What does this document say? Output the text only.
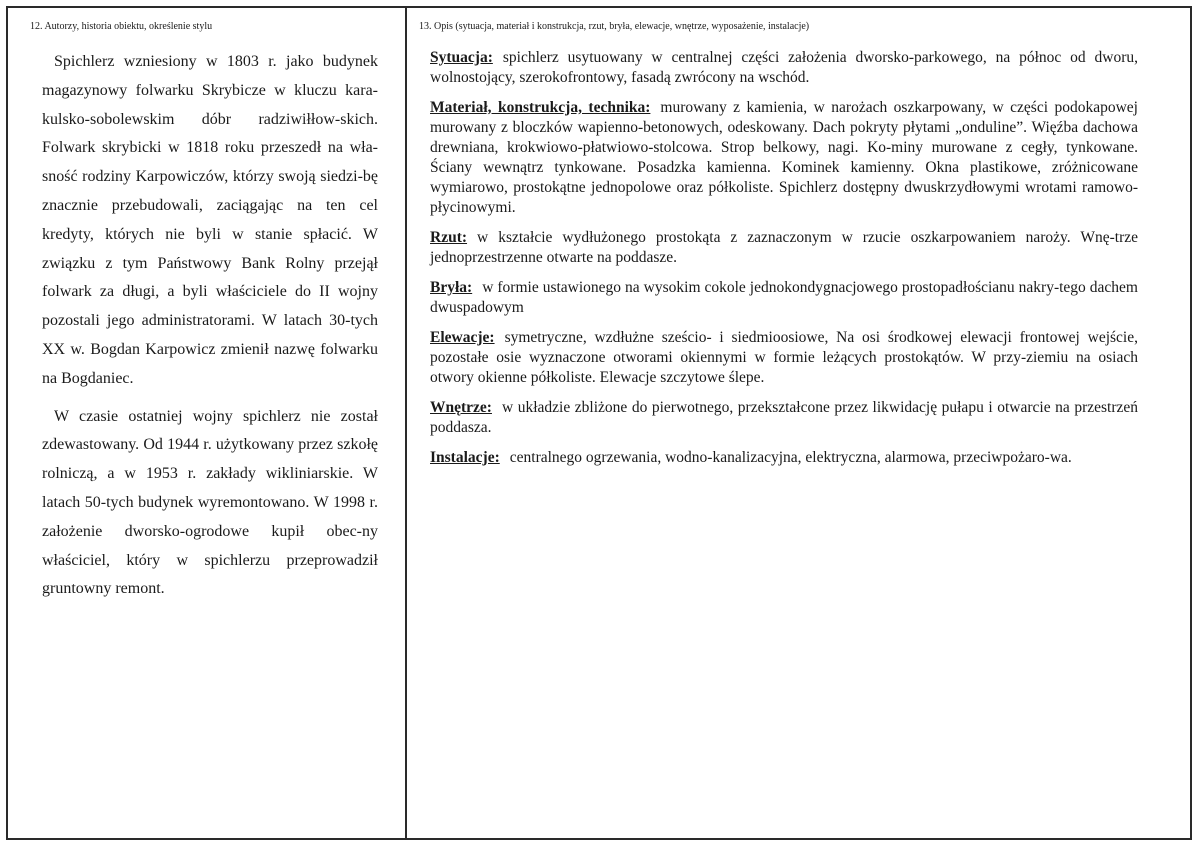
12. Autorzy, historia obiektu, określenie stylu	13. Opis (sytuacja, materiał i konstrukcja, rzut, bryła, elewacje, wnętrze, wyposażenie, instalacje)

Spichlerz wzniesiony w 1803 r. jako budynek magazynowy folwarku Skrybicze w kluczu kara-kulsko-sobolewskim dóbr radziwiłłow-skich. Folwark skrybicki w 1818 roku przeszedł na wła-sność rodziny Karpowiczów, którzy swoją siedzi-bę znacznie przebudowali, zaciągając na ten cel kredyty, których nie byli w stanie spłacić. W związku z tym Państwowy Bank Rolny przejął folwark za długi, a byli właściciele do II wojny pozostali jego administratorami. W latach 30-tych XX w. Bogdan Karpowicz zmienił nazwę folwarku na Bogdaniec.

W czasie ostatniej wojny spichlerz nie został zdewastowany. Od 1944 r. użytkowany przez szkołę rolniczą, a w 1953 r. zakłady wikliniarskie. W latach 50-tych budynek wyremontowano. W 1998 r. założenie dworsko-ogrodowe kupił obec-ny właściciel, który w spichlerzu przeprowadził gruntowny remont.

Sytuacja: spichlerz usytuowany w centralnej części założenia dworsko-parkowego, na północ od dworu, wolnostojący, szerokofrontowy, fasadą zwrócony na wschód.
Materiał, konstrukcja, technika: murowany z kamienia, w narożach oszkarpowany, w części podokapowej murowany z bloczków wapienno-betonowych, odeskowany. Dach pokryty płytami „onduline”. Więźba dachowa drewniana, krokwiowo-płatwiowo-stolcowa. Strop belkowy, nagi. Ko-miny murowane z cegły, tynkowane. Ściany wewnątrz tynkowane. Posadzka kamienna. Kominek kamienny. Okna plastikowe, zróżnicowane wymiarowo, prostokątne jednopolowe oraz półkoliste. Spichlerz dostępny dwuskrzydłowymi wrotami ramowo-płycinowymi.
Rzut: w kształcie wydłużonego prostokąta z zaznaczonym w rzucie oszkarpowaniem naroży. Wnę-trze jednoprzestrzenne otwarte na poddasze.
Bryła: w formie ustawionego na wysokim cokole jednokondygnacjowego prostopadłościanu nakry-tego dachem dwuspadowym
Elewacje: symetryczne, wzdłużne sześcio- i siedmioosiowe, Na osi środkowej elewacji frontowej wejście, pozostałe osie wyznaczone otworami okiennymi w formie leżących prostokątów. W przy-ziemiu na osiach otwory okienne półkoliste. Elewacje szczytowe ślepe.
Wnętrze: w układzie zbliżone do pierwotnego, przekształcone przez likwidację pułapu i otwarcie na przestrzeń poddasza.
Instalacje: centralnego ogrzewania, wodno-kanalizacyjna, elektryczna, alarmowa, przeciwpożaro-wa.
